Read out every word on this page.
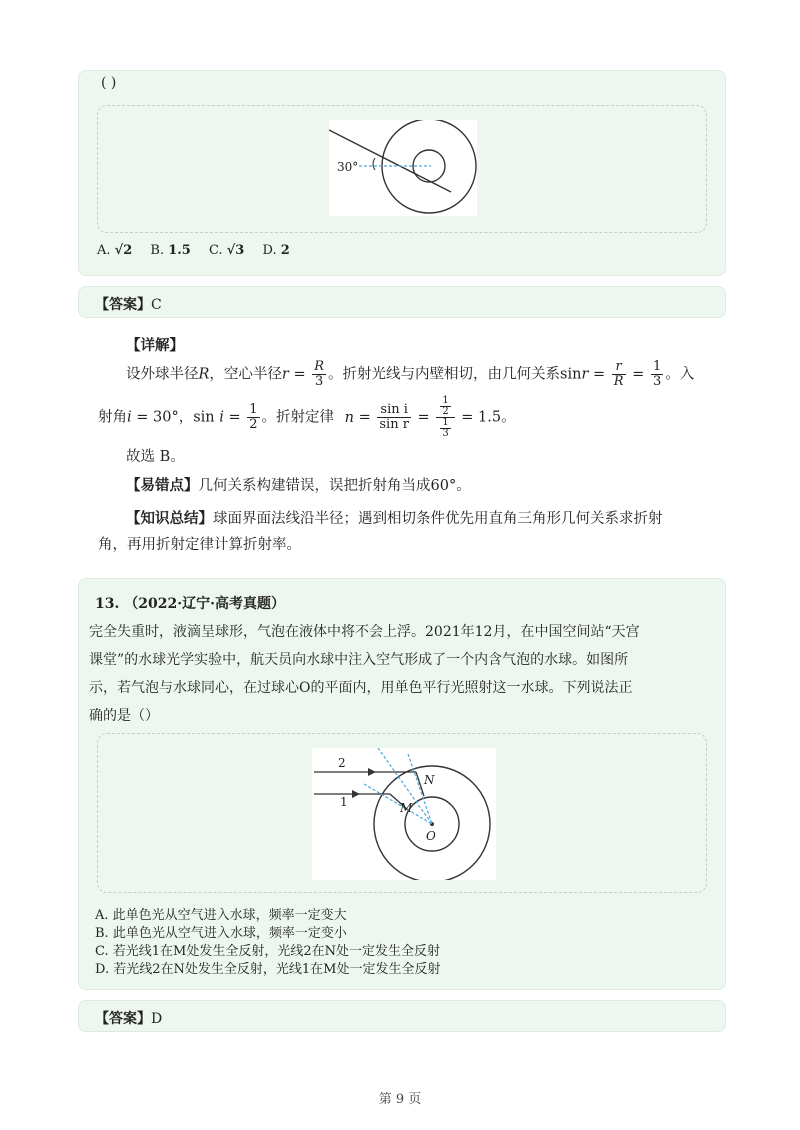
( )
30°
A. √2 B. 1.5 C. √3 D. 2
【答案】C
【详解】
设外球半径R，空心半径$r = \frac{R}{3}$ 。折射光线与内壁相切，由几何关系$\sin r = \frac{r}{R} = \frac{1}{3}$ 。入
射角i = 30°，$\sin i = \frac{1}{2}$ 。折射定律 $n = \frac{\text{sin i}}{\text{sin r}} = \frac{\frac{1}{2}}{\frac{1}{3}} = 1.5$。
故选 B。
【易错点】几何关系构建错误，误把折射角当成60°。
【知识总结】球面界面法线沿半径；遇到相切条件优先用直角三角形几何关系求折射
角，再用折射定律计算折射率。
13. （2022·辽宁·高考真题）
完全失重时，液滴呈球形，气泡在液体中将不会上浮。2021年12月，在中国空间站“天宫
课堂”的水球光学实验中，航天员向水球中注入空气形成了一个内含气泡的水球。如图所
示，若气泡与水球同心，在过球心O的平面内，用单色平行光照射这一水球。下列说法正
确的是（）
2
1
N
M
O
A. 此单色光从空气进入水球，频率一定变大
B. 此单色光从空气进入水球，频率一定变小
C. 若光线1在M处发生全反射，光线2在N处一定发生全反射
D. 若光线2在N处发生全反射，光线1在M处一定发生全反射
【答案】D
第 9 页
